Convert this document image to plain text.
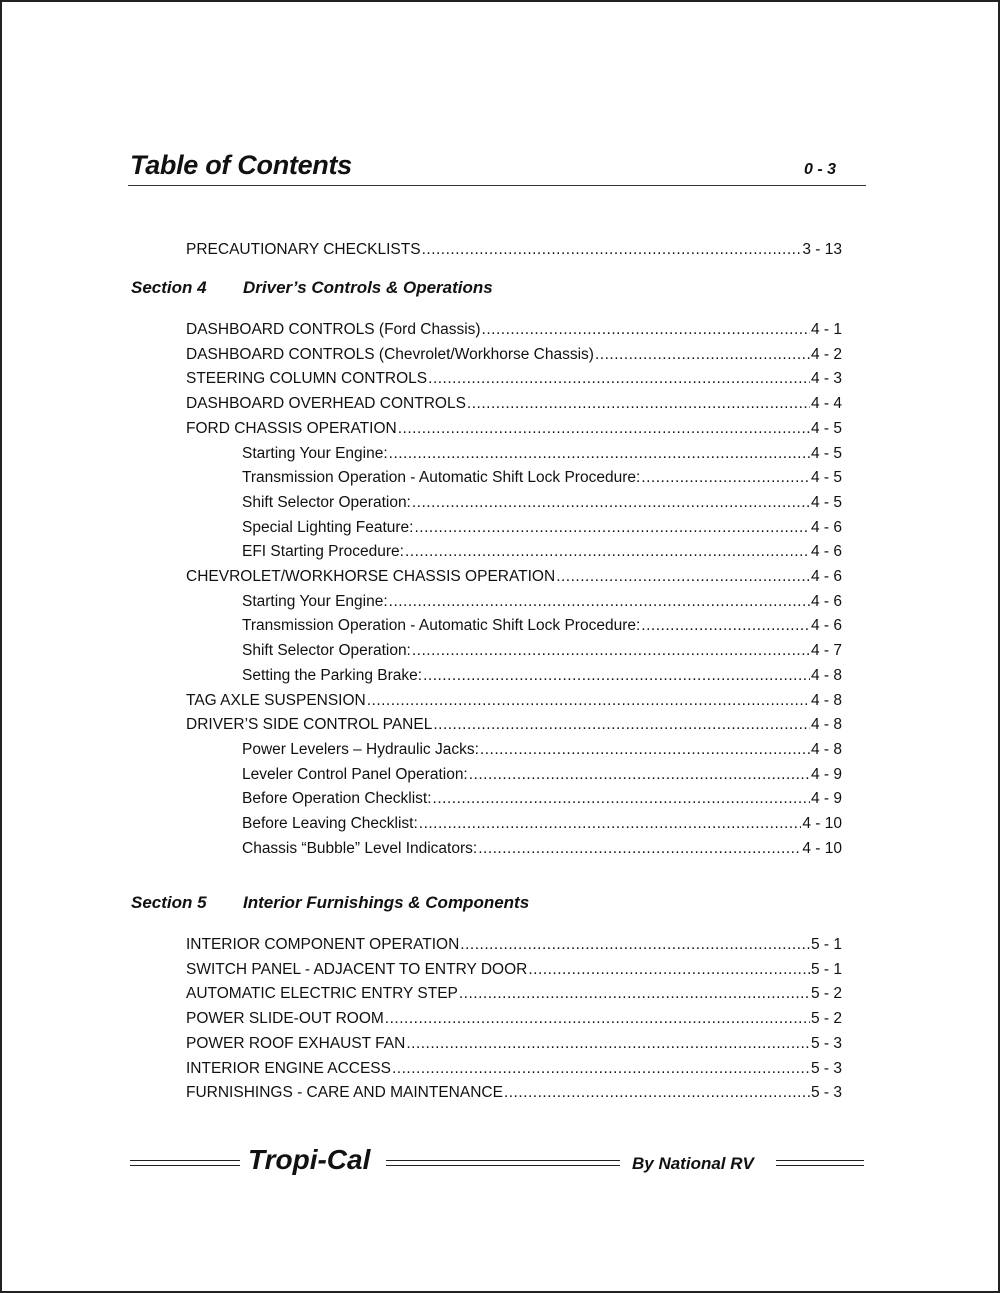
Table of Contents	0 - 3
PRECAUTIONARY CHECKLISTS .....	3 - 13
Section 4 Driver’s Controls & Operations
DASHBOARD CONTROLS (Ford Chassis) .....	4 - 1
DASHBOARD CONTROLS (Chevrolet/Workhorse Chassis) .....	4 - 2
STEERING COLUMN CONTROLS .....	4 - 3
DASHBOARD OVERHEAD CONTROLS .....	4 - 4
FORD CHASSIS OPERATION .....	4 - 5
Starting Your Engine: .....	4 - 5
Transmission Operation - Automatic Shift Lock Procedure: .....	4 - 5
Shift Selector Operation: .....	4 - 5
Special Lighting Feature: .....	4 - 6
EFI Starting Procedure: .....	4 - 6
CHEVROLET/WORKHORSE CHASSIS OPERATION .....	4 - 6
Starting Your Engine: .....	4 - 6
Transmission Operation - Automatic Shift Lock Procedure: .....	4 - 6
Shift Selector Operation: .....	4 - 7
Setting the Parking Brake: .....	4 - 8
TAG AXLE SUSPENSION .....	4 - 8
DRIVER’S SIDE CONTROL PANEL .....	4 - 8
Power Levelers – Hydraulic Jacks: .....	4 - 8
Leveler Control Panel Operation: .....	4 - 9
Before Operation Checklist: .....	4 - 9
Before Leaving Checklist: .....	4 - 10
Chassis “Bubble” Level Indicators: .....	4 - 10
Section 5 Interior Furnishings & Components
INTERIOR COMPONENT OPERATION .....	5 - 1
SWITCH PANEL - ADJACENT TO ENTRY DOOR .....	5 - 1
AUTOMATIC ELECTRIC ENTRY STEP .....	5 - 2
POWER SLIDE-OUT ROOM .....	5 - 2
POWER ROOF EXHAUST FAN .....	5 - 3
INTERIOR ENGINE ACCESS .....	5 - 3
FURNISHINGS - CARE AND MAINTENANCE .....	5 - 3
Tropi-Cal	By National RV
